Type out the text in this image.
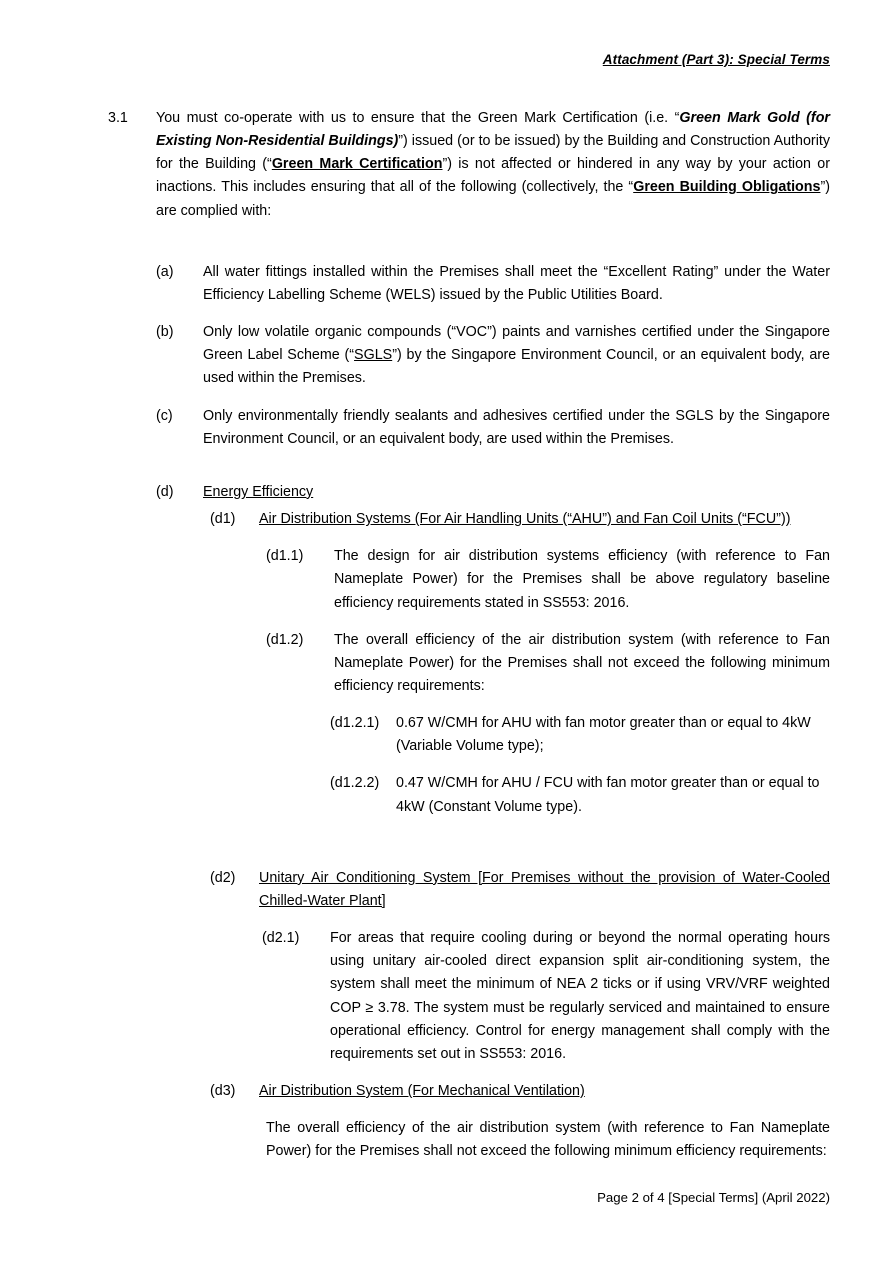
Attachment (Part 3): Special Terms
3.1	You must co-operate with us to ensure that the Green Mark Certification (i.e. “Green Mark Gold (for Existing Non-Residential Buildings)”) issued (or to be issued) by the Building and Construction Authority for the Building (“Green Mark Certification”) is not affected or hindered in any way by your action or inactions. This includes ensuring that all of the following (collectively, the “Green Building Obligations”) are complied with:
(a)	All water fittings installed within the Premises shall meet the “Excellent Rating” under the Water Efficiency Labelling Scheme (WELS) issued by the Public Utilities Board.
(b)	Only low volatile organic compounds (“VOC”) paints and varnishes certified under the Singapore Green Label Scheme (“SGLS”) by the Singapore Environment Council, or an equivalent body, are used within the Premises.
(c)	Only environmentally friendly sealants and adhesives certified under the SGLS by the Singapore Environment Council, or an equivalent body, are used within the Premises.
(d)	Energy Efficiency
(d1)	Air Distribution Systems (For Air Handling Units (“AHU”) and Fan Coil Units (“FCU”))
(d1.1)	The design for air distribution systems efficiency (with reference to Fan Nameplate Power) for the Premises shall be above regulatory baseline efficiency requirements stated in SS553: 2016.
(d1.2)	The overall efficiency of the air distribution system (with reference to Fan Nameplate Power) for the Premises shall not exceed the following minimum efficiency requirements:
(d1.2.1)	0.67 W/CMH for AHU with fan motor greater than or equal to 4kW (Variable Volume type);
(d1.2.2)	0.47 W/CMH for AHU / FCU with fan motor greater than or equal to 4kW (Constant Volume type).
(d2)	Unitary Air Conditioning System [For Premises without the provision of Water-Cooled Chilled-Water Plant]
(d2.1)	For areas that require cooling during or beyond the normal operating hours using unitary air-cooled direct expansion split air-conditioning system, the system shall meet the minimum of NEA 2 ticks or if using VRV/VRF weighted COP ≥ 3.78. The system must be regularly serviced and maintained to ensure operational efficiency. Control for energy management shall comply with the requirements set out in SS553: 2016.
(d3)	Air Distribution System (For Mechanical Ventilation)
The overall efficiency of the air distribution system (with reference to Fan Nameplate Power) for the Premises shall not exceed the following minimum efficiency requirements:
Page 2 of 4 [Special Terms] (April 2022)
